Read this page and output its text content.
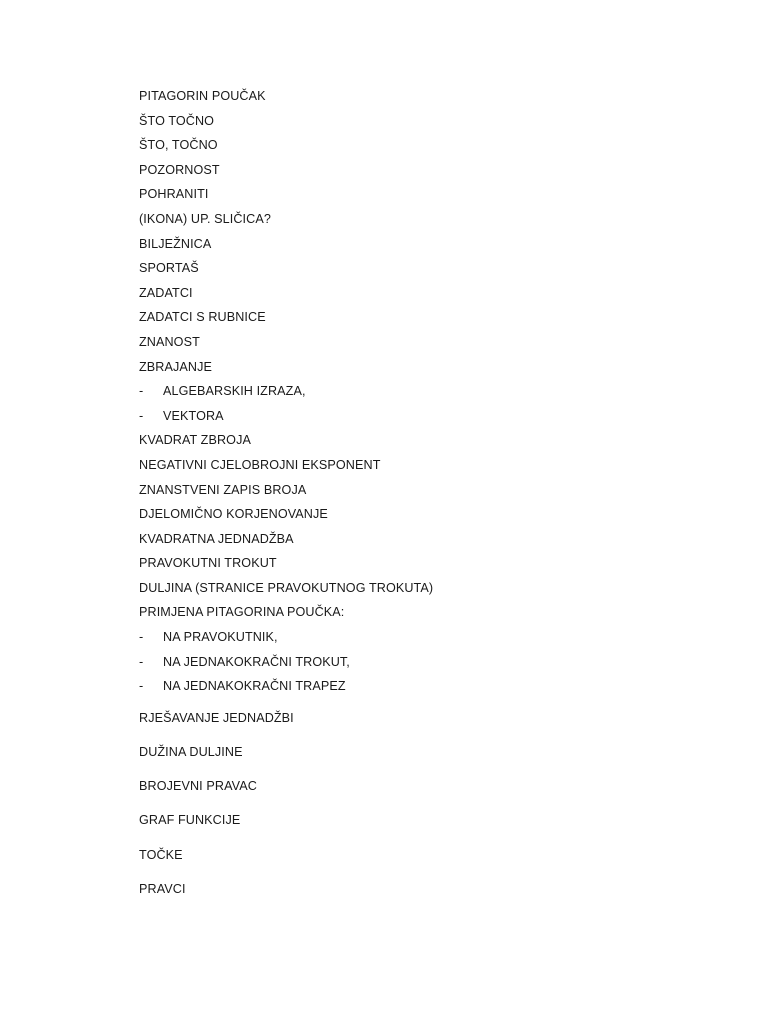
PITAGORIN POUČAK
ŠTO TOČNO
ŠTO, TOČNO
POZORNOST
POHRANITI
(IKONA) UP. SLIČICA?
BILJEŽNICA
SPORTAŠ
ZADATCI
ZADATCI S RUBNICE
ZNANOST
ZBRAJANJE
-	ALGEBARSKIH IZRAZA,
-	VEKTORA
KVADRAT ZBROJA
NEGATIVNI CJELOBROJNI EKSPONENT
ZNANSTVENI ZAPIS BROJA
DJELOMIČNO KORJENOVANJE
KVADRATNA JEDNADŽBA
PRAVOKUTNI TROKUT
DULJINA (STRANICE PRAVOKUTNOG TROKUTA)
PRIMJENA PITAGORINA POUČKA:
-	NA PRAVOKUTNIK,
-	NA JEDNAKOKRAČNI TROKUT,
-	NA JEDNAKOKRAČNI TRAPEZ
RJEŠAVANJE JEDNADŽBI
DUŽINA DULJINE
BROJEVNI PRAVAC
GRAF FUNKCIJE
TOČKE
PRAVCI
